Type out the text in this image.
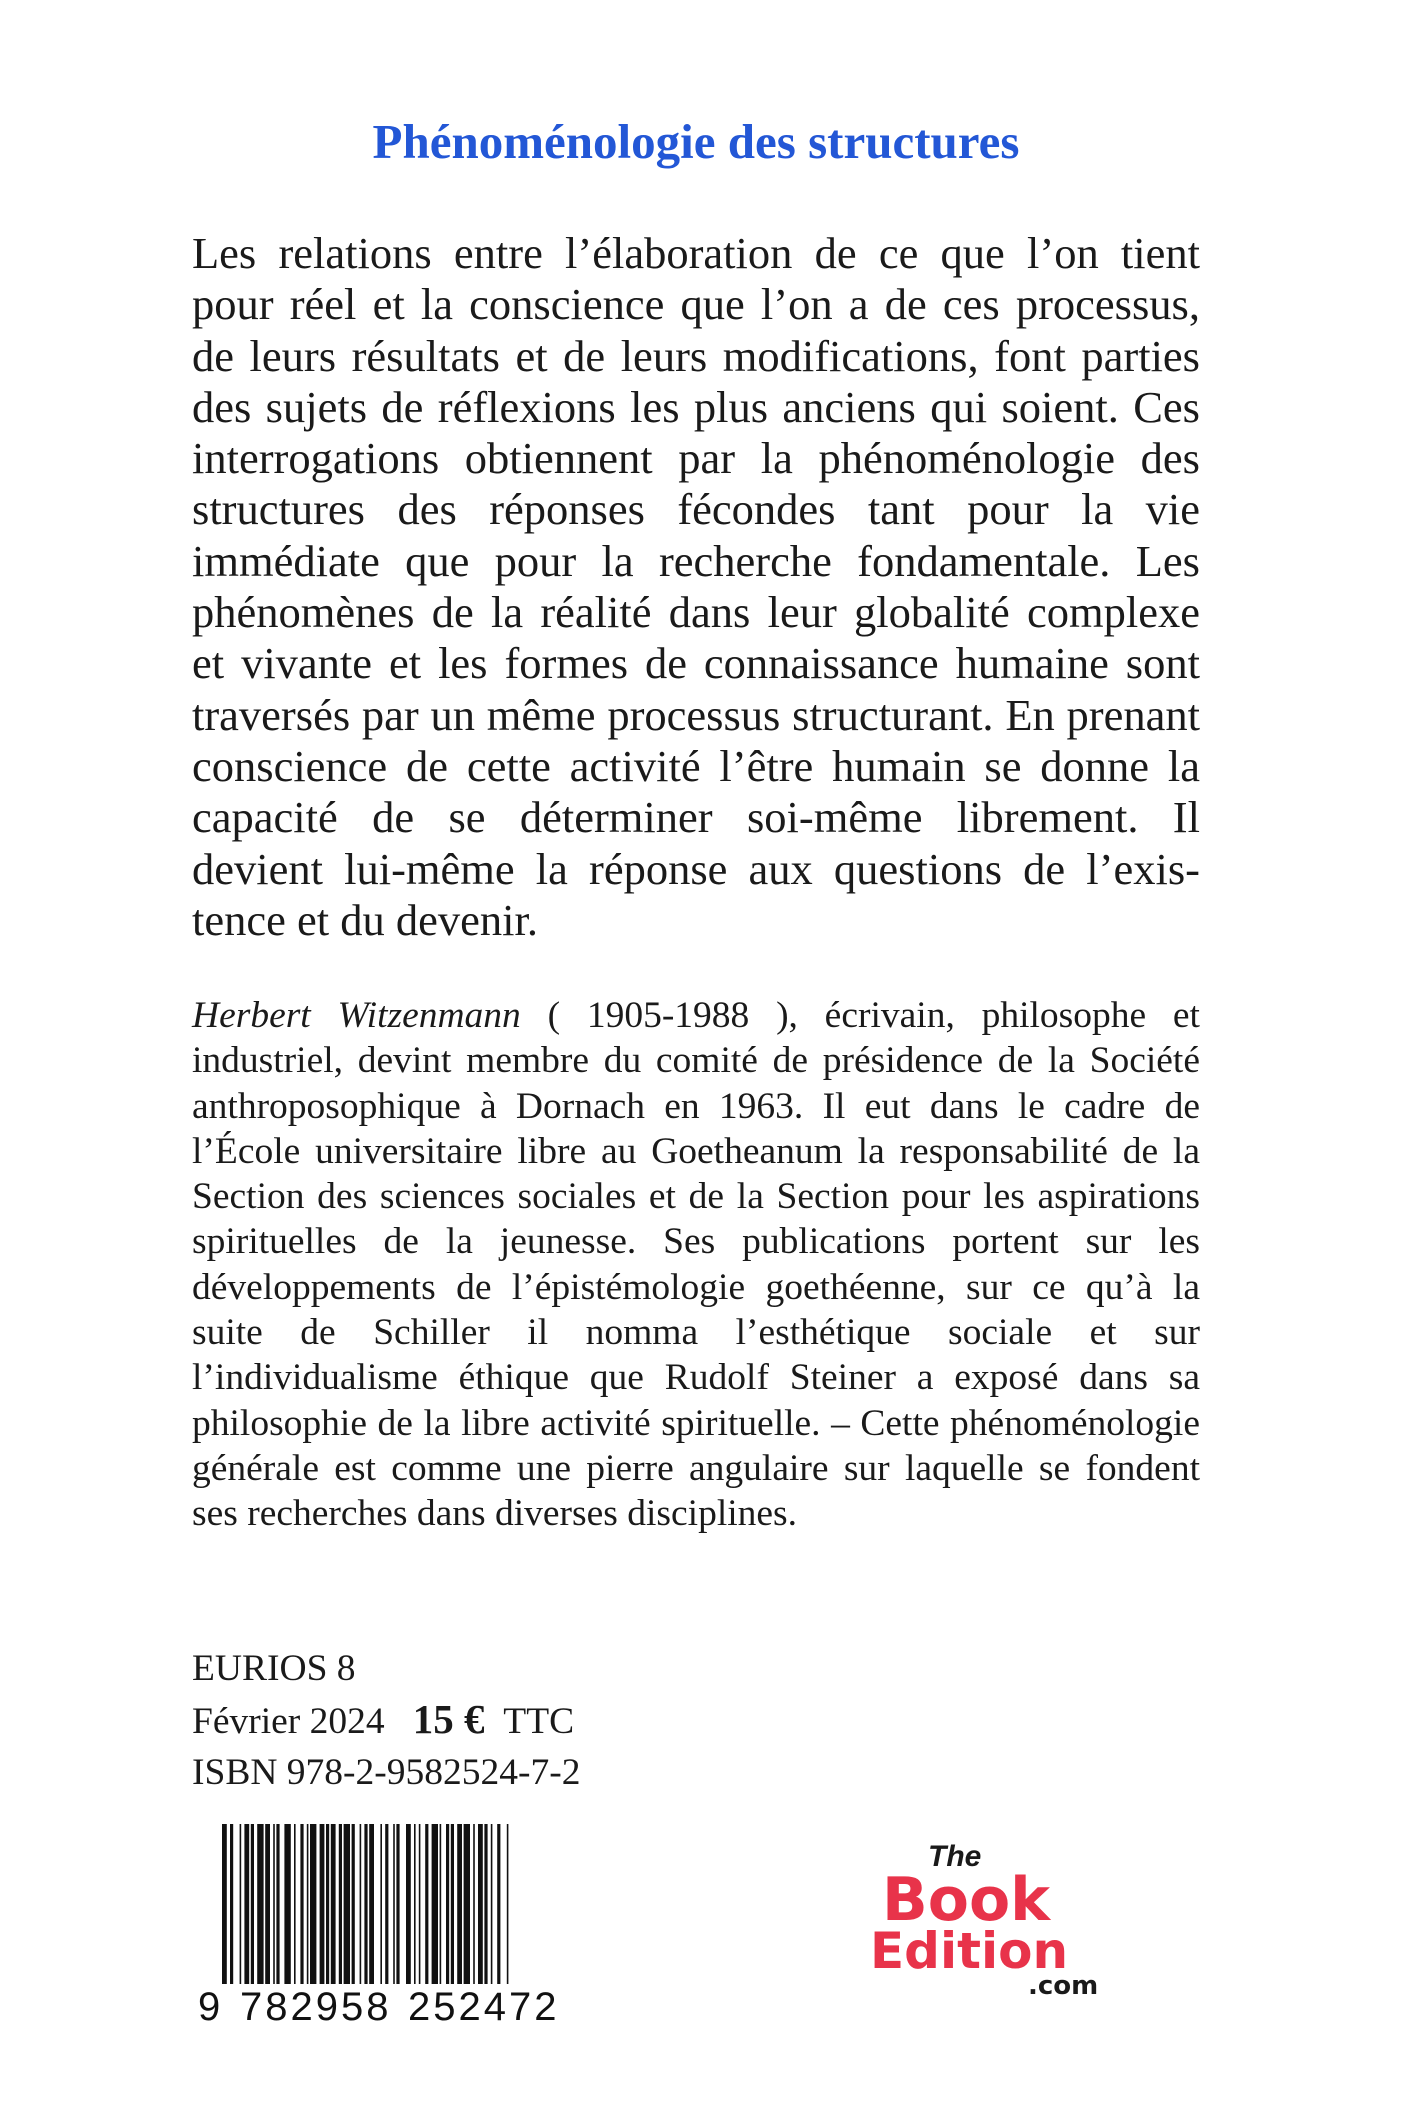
Phénoménologie des structures

Les relations entre l’élaboration de ce que l’on tient pour réel et la conscience que l’on a de ces processus, de leurs résultats et de leurs modifications, font parties des sujets de réflexions les plus anciens qui soient. Ces interrogations obtiennent par la phénoménologie des structures des réponses fécondes tant pour la vie immédiate que pour la recherche fondamentale. Les phénomènes de la réalité dans leur globalité complexe et vivante et les formes de connaissance humaine sont traversés par un même processus structurant. En prenant conscience de cette activité l’être humain se donne la capacité de se déterminer soi-même librement. Il devient lui-même la réponse aux questions de l’existence et du devenir.

Herbert Witzenmann ( 1905-1988 ), écrivain, philosophe et industriel, devint membre du comité de présidence de la Société anthroposophique à Dornach en 1963. Il eut dans le cadre de l’École universitaire libre au Goetheanum la responsabilité de la Section des sciences sociales et de la Section pour les aspirations spirituelles de la jeunesse. Ses publications portent sur les développements de l’épistémologie goethéenne, sur ce qu’à la suite de Schiller il nomma l’esthétique sociale et sur l’individualisme éthique que Rudolf Steiner a exposé dans sa philosophie de la libre activité spirituelle. – Cette phénoménologie générale est comme une pierre angulaire sur laquelle se fondent ses recherches dans diverses disciplines.

EURIOS 8
Février 2024 15 € TTC
ISBN 978-2-9582524-7-2
9 782958 252472
The
Book
Edition
.com
